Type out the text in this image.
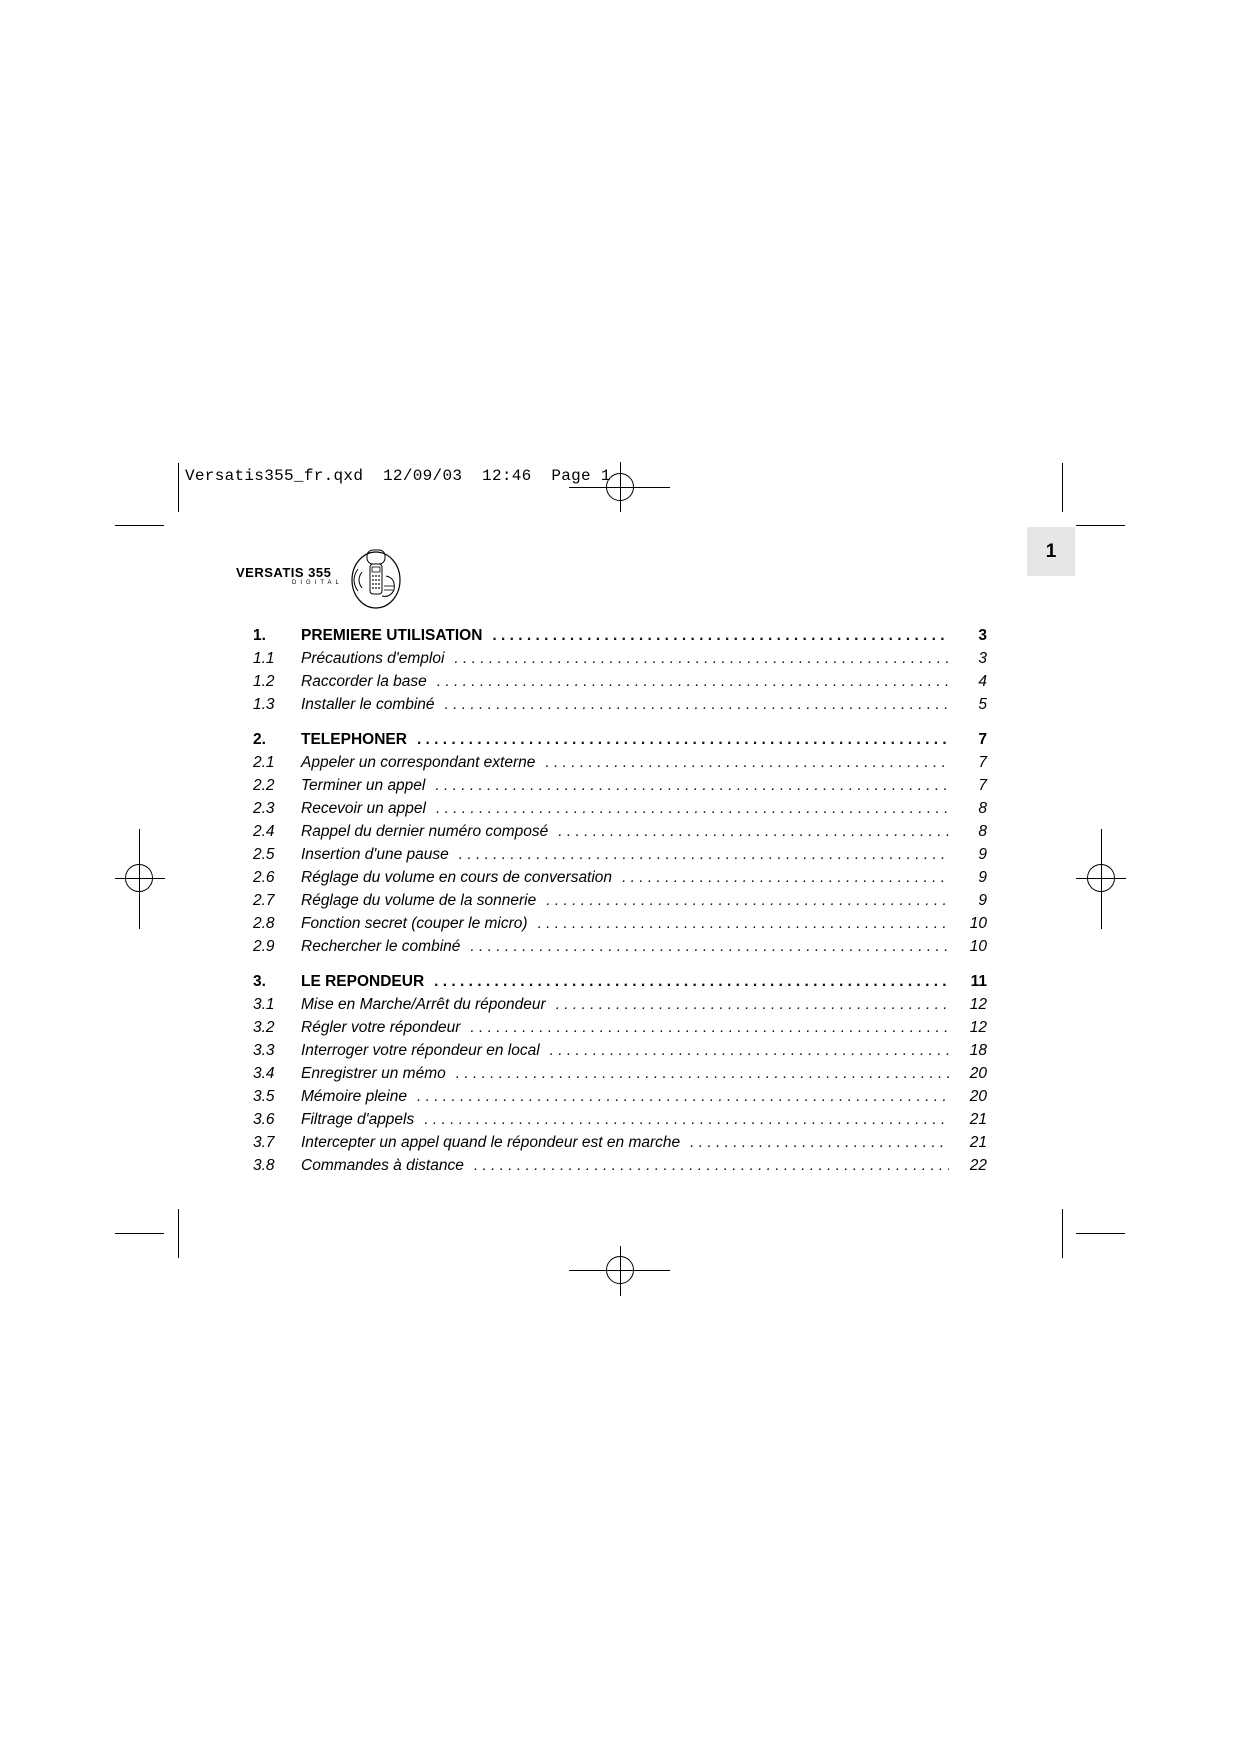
Versatis355_fr.qxd  12/09/03  12:46  Page 1
1
VERSATIS 355
DIGITAL
1.	PREMIERE UTILISATION . . .	3
1.1	Précautions d'emploi . . .	3
1.2	Raccorder la base . . .	4
1.3	Installer le combiné . . .	5
2.	TELEPHONER . . .	7
2.1	Appeler un correspondant externe . . .	7
2.2	Terminer un appel . . .	7
2.3	Recevoir un appel . . .	8
2.4	Rappel du dernier numéro composé . . .	8
2.5	Insertion d'une pause . . .	9
2.6	Réglage du volume en cours de conversation . . .	9
2.7	Réglage du volume de la sonnerie . . .	9
2.8	Fonction secret (couper le micro) . . .	10
2.9	Rechercher le combiné . . .	10
3.	LE REPONDEUR . . .	11
3.1	Mise en Marche/Arrêt du répondeur . . .	12
3.2	Régler votre répondeur . . .	12
3.3	Interroger votre répondeur en local . . .	18
3.4	Enregistrer un mémo . . .	20
3.5	Mémoire pleine . . .	20
3.6	Filtrage d'appels . . .	21
3.7	Intercepter un appel quand le répondeur est en marche . . .	21
3.8	Commandes à distance . . .	22
